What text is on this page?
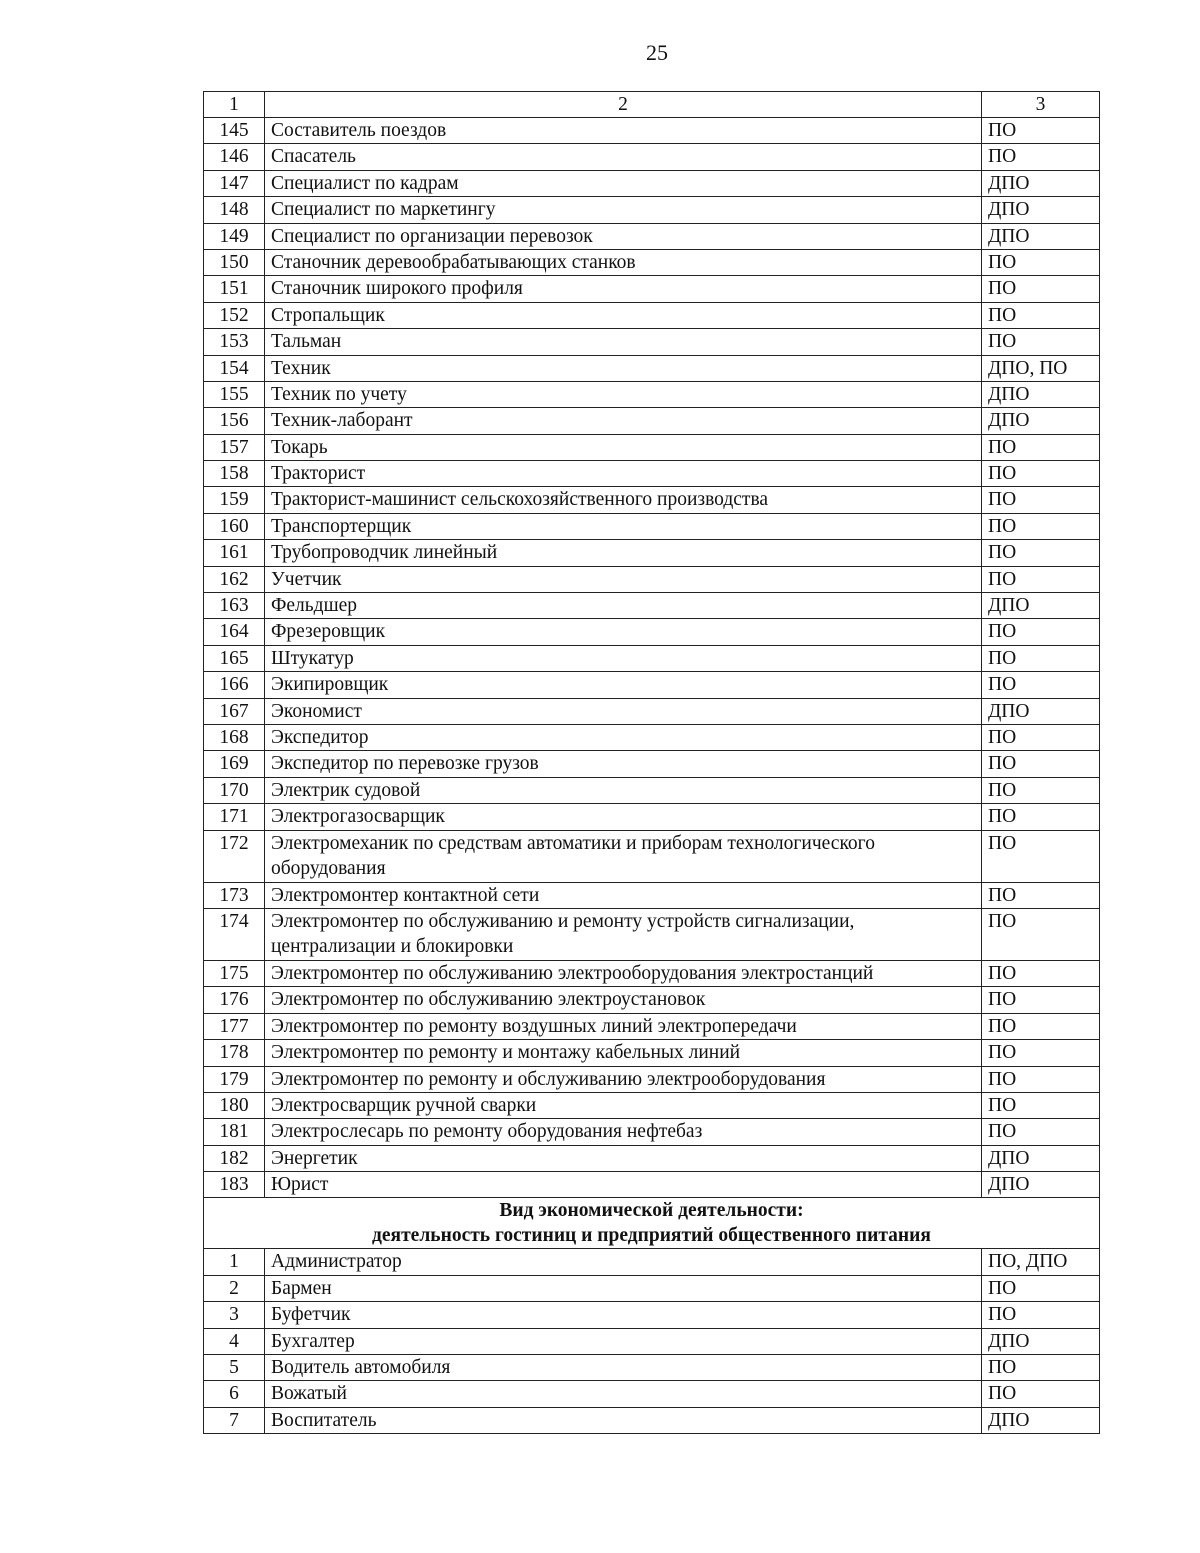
25
1	2	3
145	Составитель поездов	ПО
146	Спасатель	ПО
147	Специалист по кадрам	ДПО
148	Специалист по маркетингу	ДПО
149	Специалист по организации перевозок	ДПО
150	Станочник деревообрабатывающих станков	ПО
151	Станочник широкого профиля	ПО
152	Стропальщик	ПО
153	Тальман	ПО
154	Техник	ДПО, ПО
155	Техник по учету	ДПО
156	Техник-лаборант	ДПО
157	Токарь	ПО
158	Тракторист	ПО
159	Тракторист-машинист сельскохозяйственного производства	ПО
160	Транспортерщик	ПО
161	Трубопроводчик линейный	ПО
162	Учетчик	ПО
163	Фельдшер	ДПО
164	Фрезеровщик	ПО
165	Штукатур	ПО
166	Экипировщик	ПО
167	Экономист	ДПО
168	Экспедитор	ПО
169	Экспедитор по перевозке грузов	ПО
170	Электрик судовой	ПО
171	Электрогазосварщик	ПО
172	Электромеханик по средствам автоматики и приборам технологического оборудования	ПО
173	Электромонтер контактной сети	ПО
174	Электромонтер по обслуживанию и ремонту устройств сигнализации, централизации и блокировки	ПО
175	Электромонтер по обслуживанию электрооборудования электростанций	ПО
176	Электромонтер по обслуживанию электроустановок	ПО
177	Электромонтер по ремонту воздушных линий электропередачи	ПО
178	Электромонтер по ремонту и монтажу кабельных линий	ПО
179	Электромонтер по ремонту и обслуживанию электрооборудования	ПО
180	Электросварщик ручной сварки	ПО
181	Электрослесарь по ремонту оборудования нефтебаз	ПО
182	Энергетик	ДПО
183	Юрист	ДПО

Вид экономической деятельности:
деятельность гостиниц и предприятий общественного питания		

1	Администратор	ПО, ДПО
2	Бармен	ПО
3	Буфетчик	ПО
4	Бухгалтер	ДПО
5	Водитель автомобиля	ПО
6	Вожатый	ПО
7	Воспитатель	ДПО
